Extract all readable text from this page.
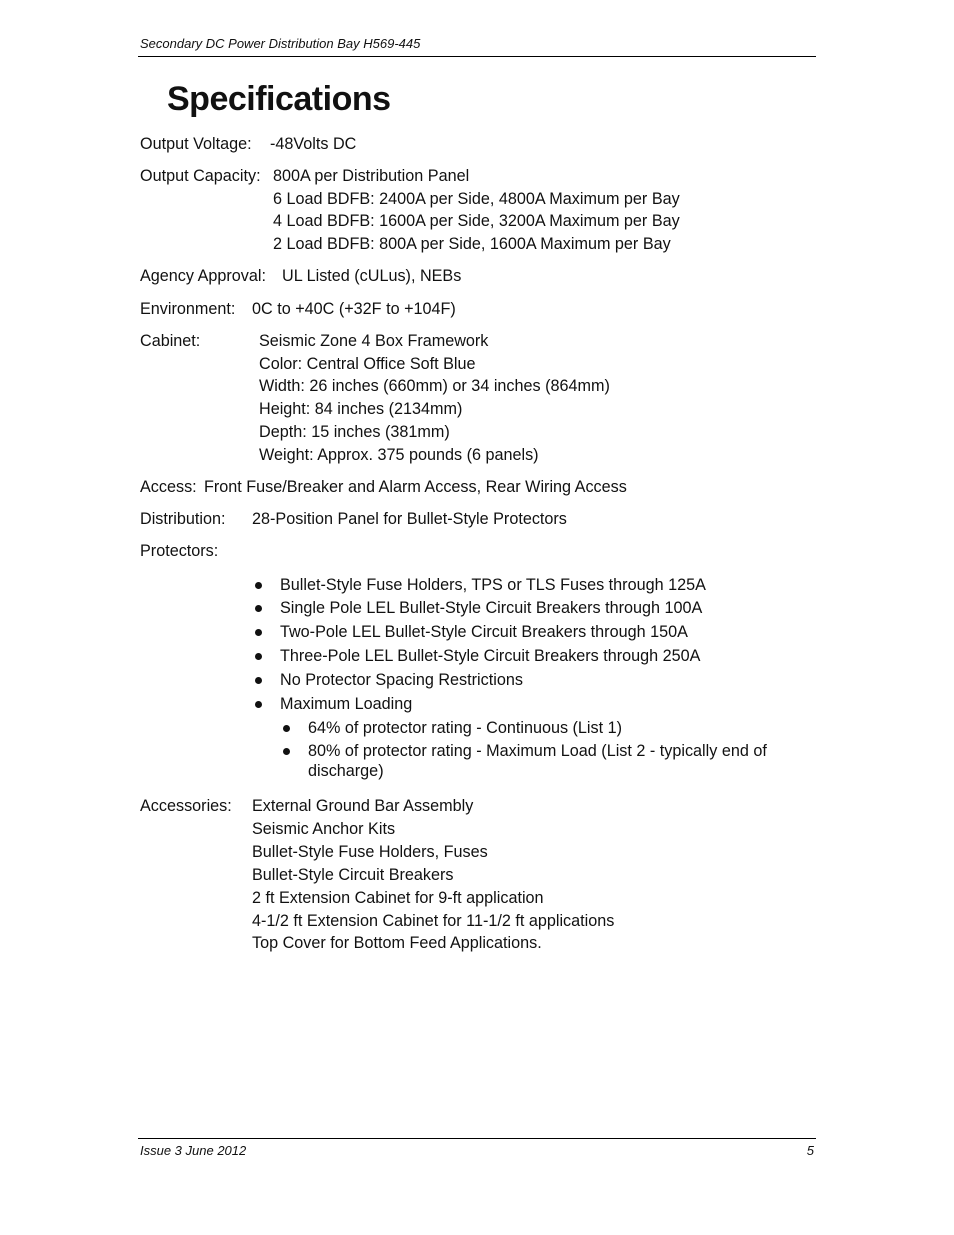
Secondary DC Power Distribution Bay H569-445
Specifications
Output Voltage: -48Volts DC
Output Capacity: 800A per Distribution Panel
6 Load BDFB: 2400A per Side, 4800A Maximum per Bay
4 Load BDFB: 1600A per Side, 3200A Maximum per Bay
2 Load BDFB: 800A per Side, 1600A Maximum per Bay
Agency Approval: UL Listed (cULus), NEBs
Environment: 0C to +40C (+32F to +104F)
Cabinet:	Seismic Zone 4 Box Framework
Color: Central Office Soft Blue
Width: 26 inches (660mm) or 34 inches (864mm)
Height: 84 inches (2134mm)
Depth: 15 inches (381mm)
Weight: Approx. 375 pounds (6 panels)
Access: Front Fuse/Breaker and Alarm Access, Rear Wiring Access
Distribution: 28-Position Panel for Bullet-Style Protectors
Protectors:
Bullet-Style Fuse Holders, TPS or TLS Fuses through 125A
Single Pole LEL Bullet-Style Circuit Breakers through 100A
Two-Pole LEL Bullet-Style Circuit Breakers through 150A
Three-Pole LEL Bullet-Style Circuit Breakers through 250A
No Protector Spacing Restrictions
Maximum Loading
64% of protector rating - Continuous (List 1)
80% of protector rating - Maximum Load (List 2 - typically end of discharge)
Accessories: External Ground Bar Assembly
Seismic Anchor Kits
Bullet-Style Fuse Holders, Fuses
Bullet-Style Circuit Breakers
2 ft Extension Cabinet for 9-ft application
4-1/2 ft Extension Cabinet for 11-1/2 ft applications
Top Cover for Bottom Feed Applications.
Issue 3 June 2012	5
